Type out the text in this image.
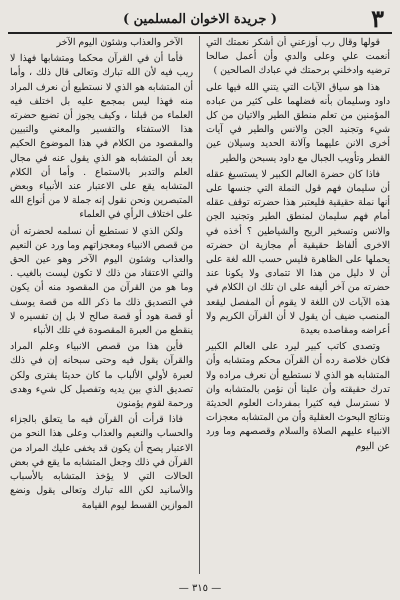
٣
( جريدة الاخوان المسلمين )

قولها وقال رب أوزعني أن أشكر نعمتك التي أنعمت علي وعلى والدي وأن أعمل صالحا ترضيه وادخلني برحمتك في عبادك الصالحين )

هذا هو سياق الآيات التي يتني الله فيها على داود وسليمان بأنه فضلهما على كثير من عباده المؤمنين من تعلم منطق الطير والاتيان من كل شيء وتجنيد الجن والانس والطير في آيات أخرى الانن عليهما وآلانة الحديد وسيلان عين القطر وتأويب الجبال مع داود يسبحن والطير

فاذا كان حضرة العالم الكبير لا يستسيغ عقله أن سليمان فهم قول النملة التي جنسها على أنها نملة حقيقية فليعتبر هذا حضرته توقف عقله أمام فهم سليمان لمنطق الطير وتجنيد الجن والانس وتسخير الريح والشياطين ؟ أخذه في الاخرى ألفاظ حقيقية أم مجازية ان حضرته يحملها على الظاهرة فليس حسب الله لغة على أن لا دليل من هذا الا تتمادى ولا يكونا عند حضرته من آخر أليفه على ان تلك ان الكلام في هذه الآيات لان اللغة لا يقوم أن المفصل ليقعد المنصب ضيف أن يقول لا أن القرآن الكريم ولا أعراضه ومقاصده بعيدة

وتصدى كاتب كبير ليرد على العالم الكبير فكان خلاصة رده أن القرآن محكم ومتشابه وأن المتشابه هو الذي لا نستطيع أن نعرف مراده ولا تدرك حقيقته وأن علينا أن نؤمن بالمتشابه وان لا نسترسل فيه كثيرا بمفردات العلوم الحديثة ونتائج البحوث العقلية وأن من المتشابه معجزات الانبياء عليهم الصلاة والسلام وقصصهم وما ورد عن اليوم

الآخر والعذاب وشئون اليوم الآخر

فأما أن في القرآن محكما ومتشابها فهذا لا ريب فيه لأن الله تبارك وتعالى قال ذلك ، وأما أن المتشابه هو الذي لا نستطيع أن نعرف المراد منه فهذا ليس بمجمع عليه بل اختلف فيه العلماء من قبلنا ، وكيف يجوز أن تضيع حضرته هذا الاستفتاء والتفسير والمعني والتبيين والمقصود من الكلام في هذا الموضوع الحكيم بعد أن المتشابه هو الذي يقول عنه في مجال العلم والتدبر بالاستماع . وأما أن الكلام المتشابه يقع على الاعتبار عند الأنبياء وبعض المتبصرين ونحن نقول إنه جملة لا من أنواع الله على اختلاف الرأي في العلماء

ولكن الذي لا نستطيع أن نسلمه لحضرته أن من قصص الانبياء ومعجزاتهم وما ورد عن النعيم والعذاب وشئون اليوم الآخر وهو عين الحق والتي الاعتقاد من ذلك لا تكون ليست بالغيب . وما هو من القرآن من المقصود منه أن يكون في التصديق ذلك ما ذكر الله من قصة يوسف أو قصة هود أو قصة صالح لا بل إن تفسيره لا ينقطع من العبرة المقصودة في تلك الأنباء

فأين هذا من قصص الانبياء وعلم المراد والقرآن يقول فيه وحتى سبحانه إن في ذلك لعبرة لأولي الألباب ما كان حديثا يفترى ولكن تصديق الذي بين يديه وتفصيل كل شيء وهدى ورحمة لقوم يؤمنون

فاذا قرأت أن القرآن فيه ما يتعلق بالجزاء والحساب والنعيم والعذاب وعلى هذا النحو من الاعتبار يصح أن يكون قد يخفى عليك المراد من القرآن في ذلك وجعل المتشابه ما يقع في بعض الحالات التي لا يؤخذ المتشابه بالأسباب والأسانيد لكن الله تبارك وتعالى يقول ونضع الموازين القسط ليوم القيامة

— ٣١٥ —
